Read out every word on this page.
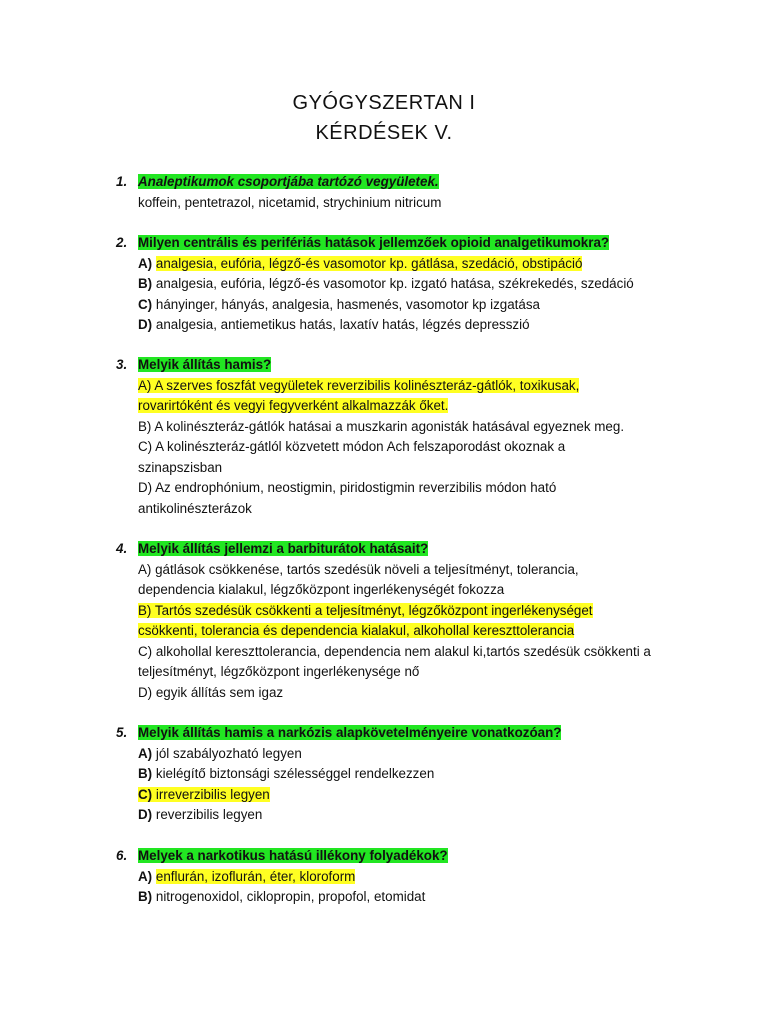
GYÓGYSZERTAN I
KÉRDÉSEK V.
1. Analeptikumok csoportjába tartózó vegyületek.
koffein, pentetrazol, nicetamid, strychinium nitricum
2. Milyen centrális és perifériás hatások jellemzőek opioid analgetikumokra?
A) analgesia, eufória, légző-és vasomotor kp. gátlása, szedáció, obstipáció
B) analgesia, eufória, légző-és vasomotor kp. izgató hatása, székrekedés, szedáció
C) hányinger, hányás, analgesia, hasmenés, vasomotor kp izgatása
D) analgesia, antiemetikus hatás, laxatív hatás, légzés depresszió
3. Melyik állítás hamis?
A) A szerves foszfát vegyületek reverzibilis kolinészteráz-gátlók, toxikusak,
rovarirtóként és vegyi fegyverként alkalmazzák őket.
B) A kolinészteráz-gátlók hatásai a muszkarin agonisták hatásával egyeznek meg.
C) A kolinészteráz-gátlól közvetett módon Ach felszaporodást okoznak a
szinapszisban
D) Az endrophónium, neostigmin, piridostigmin reverzibilis módon ható
antikolinészterázok
4. Melyik állítás jellemzi a barbiturátok hatásait?
A) gátlások csökkenése, tartós szedésük növeli a teljesítményt, tolerancia,
dependencia kialakul, légzőközpont ingerlékenységét fokozza
B) Tartós szedésük csökkenti a teljesítményt, légzőközpont ingerlékenységet
csökkenti, tolerancia és dependencia kialakul, alkohollal kereszttolerancia
C) alkohollal kereszttolerancia, dependencia nem alakul ki,tartós szedésük csökkenti a
teljesítményt, légzőközpont ingerlékenysége nő
D) egyik állítás sem igaz
5. Melyik állítás hamis a narkózis alapkövetelményeire vonatkozóan?
A) jól szabályozható legyen
B) kielégítő biztonsági szélességgel rendelkezzen
C) irreverzibilis legyen
D) reverzibilis legyen
6. Melyek a narkotikus hatású illékony folyadékok?
A) enflurán, izoflurán, éter, kloroform
B) nitrogenoxidol, ciklopropin, propofol, etomidat
